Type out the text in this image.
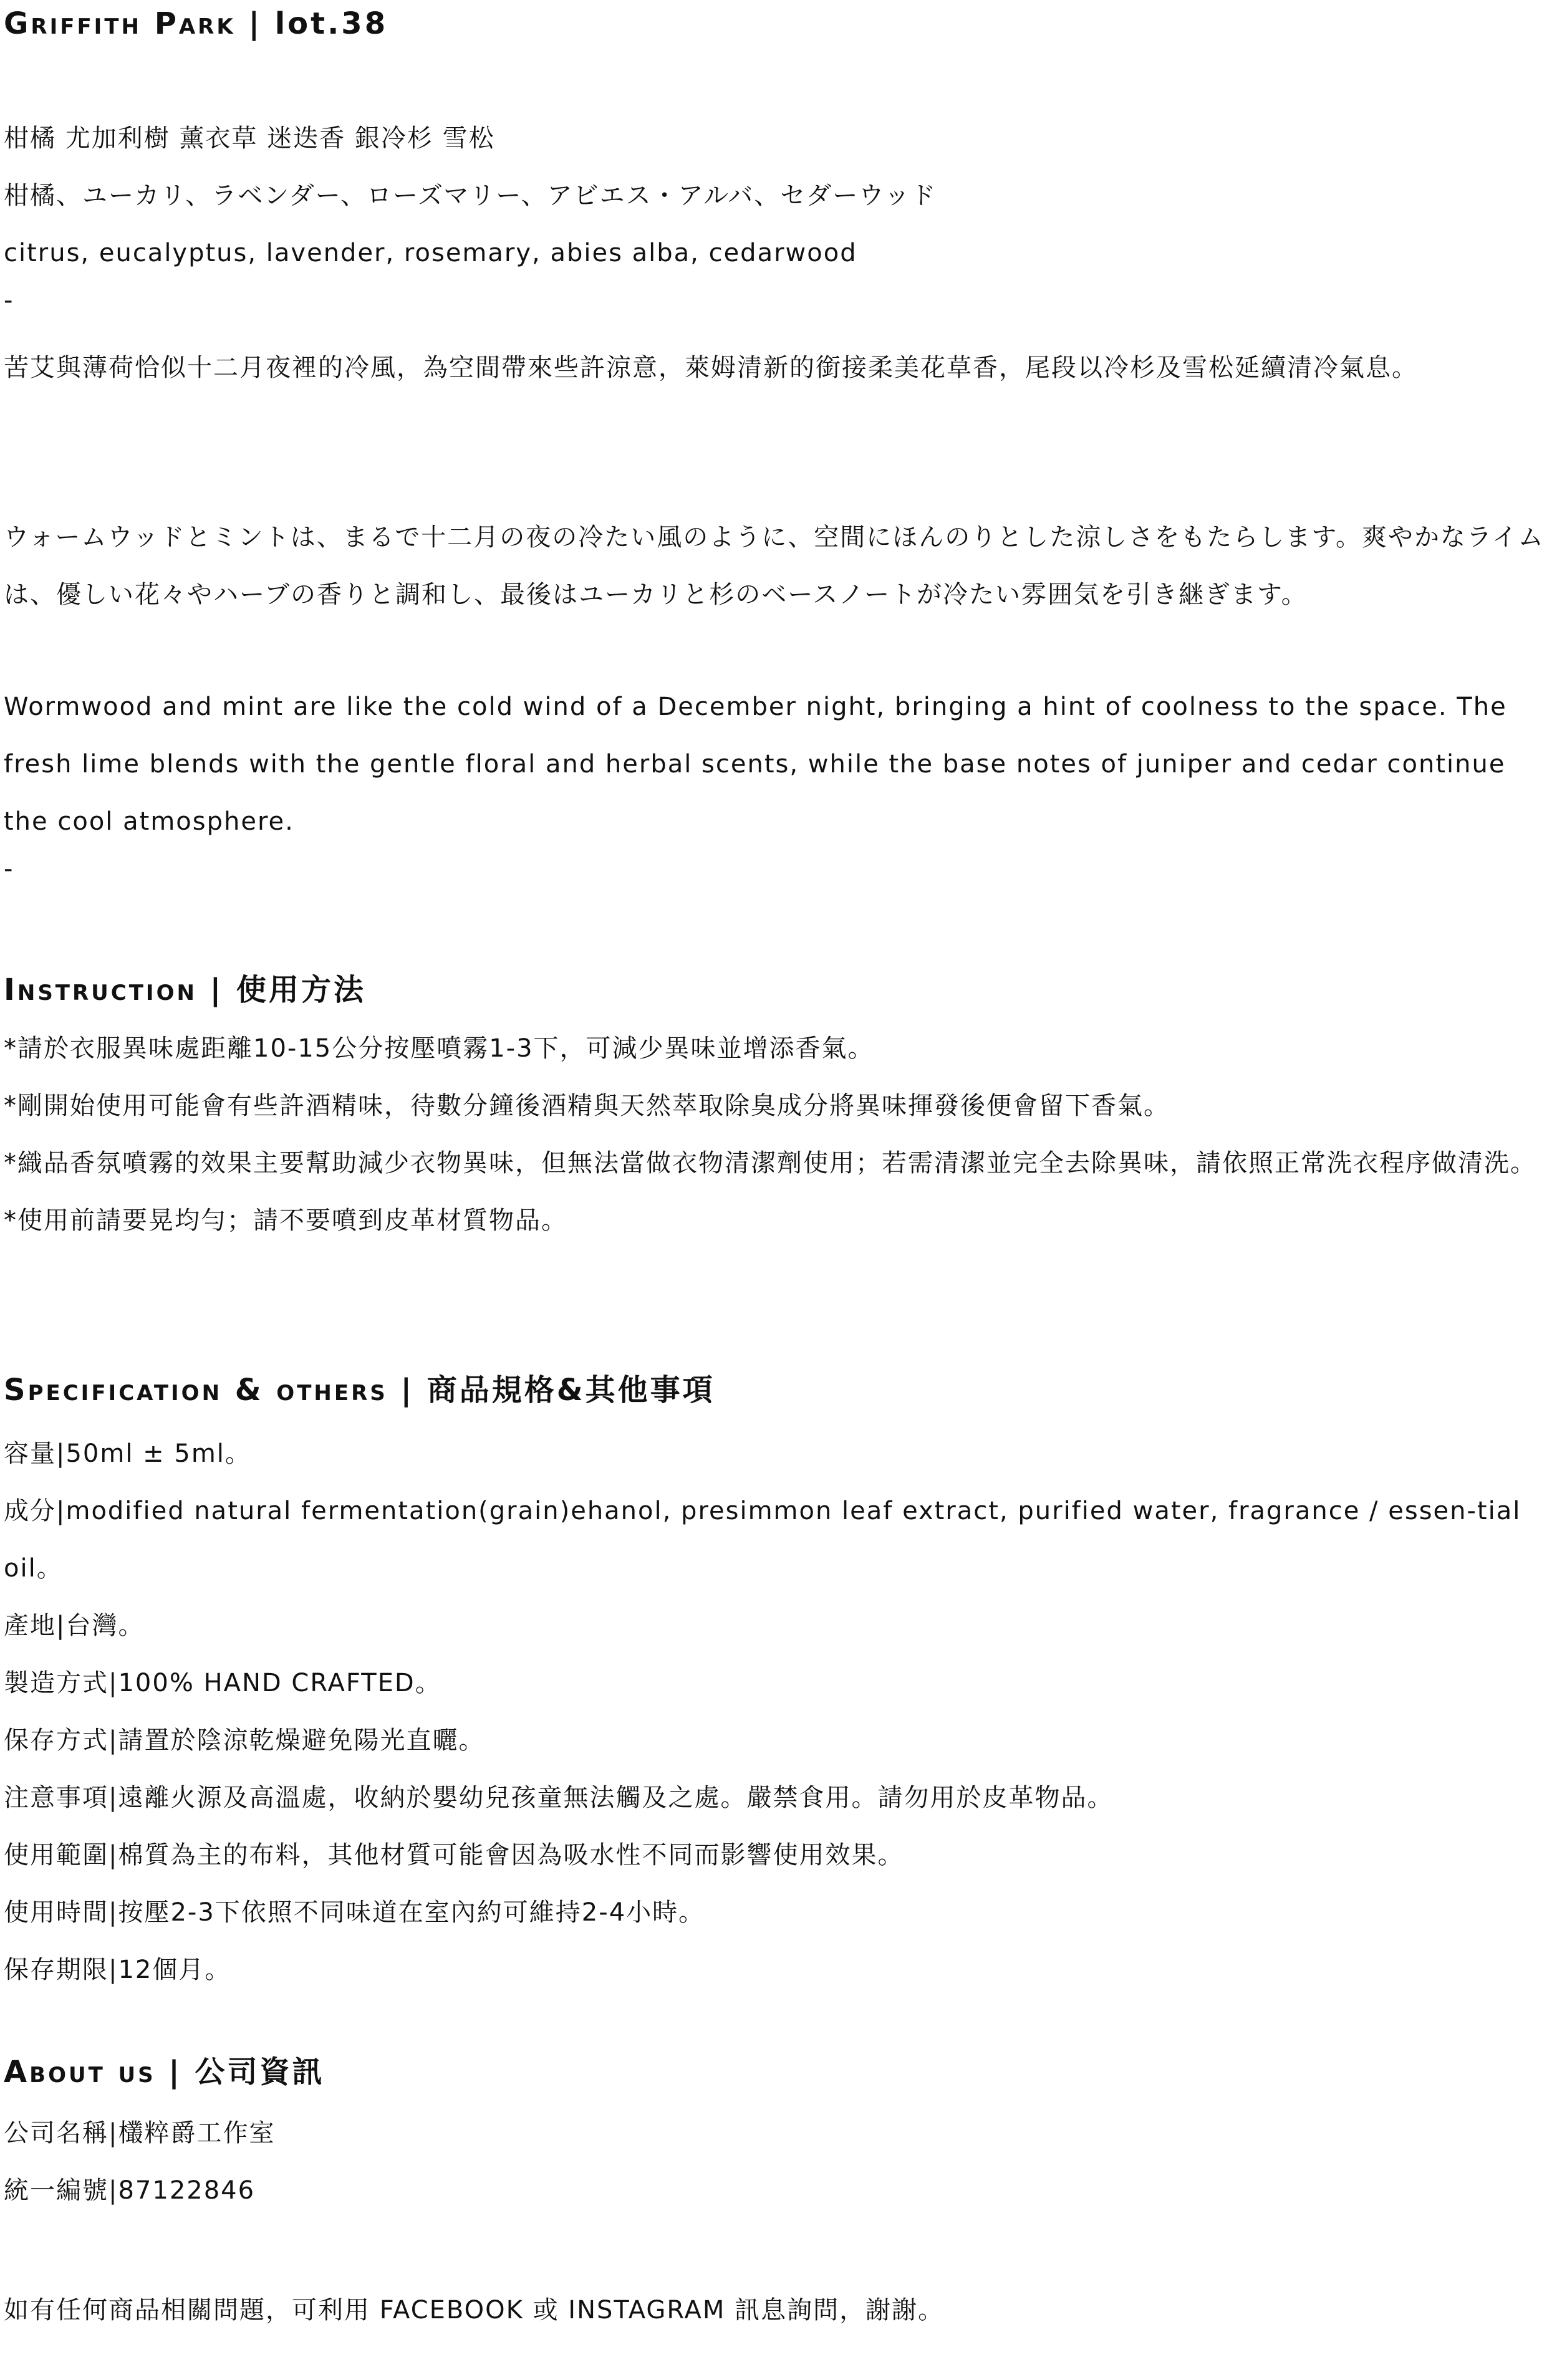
Griffith Park | lot.38

柑橘 尤加利樹 薰衣草 迷迭香 銀冷杉 雪松

柑橘、ユーカリ、ラベンダー、ローズマリー、アビエス・アルバ、セダーウッド

citrus, eucalyptus, lavender, rosemary, abies alba, cedarwood

-

苦艾與薄荷恰似十二月夜裡的冷風，為空間帶來些許涼意，萊姆清新的銜接柔美花草香，尾段以冷杉及雪松延續清冷氣息。

ウォームウッドとミントは、まるで十二月の夜の冷たい風のように、空間にほんのりとした涼しさをもたらします。爽やかなライムは、優しい花々やハーブの香りと調和し、最後はユーカリと杉のベースノートが冷たい雰囲気を引き継ぎます。

Wormwood and mint are like the cold wind of a December night, bringing a hint of coolness to the space. The fresh lime blends with the gentle floral and herbal scents, while the base notes of juniper and cedar continue the cool atmosphere.

-

Instruction | 使用方法

*請於衣服異味處距離10-15公分按壓噴霧1-3下，可減少異味並增添香氣。

*剛開始使用可能會有些許酒精味，待數分鐘後酒精與天然萃取除臭成分將異味揮發後便會留下香氣。

*織品香氛噴霧的效果主要幫助減少衣物異味，但無法當做衣物清潔劑使用；若需清潔並完全去除異味，請依照正常洗衣程序做清洗。

*使用前請要晃均勻；請不要噴到皮革材質物品。

Specification & others | 商品規格&其他事項

容量|50ml ± 5ml。

成分|modified natural fermentation(grain)ehanol, presimmon leaf extract, purified water, fragrance / essen-tial oil。

產地|台灣。

製造方式|100% HAND CRAFTED。

保存方式|請置於陰涼乾燥避免陽光直曬。

注意事項|遠離火源及高溫處，收納於嬰幼兒孩童無法觸及之處。嚴禁食用。請勿用於皮革物品。

使用範圍|棉質為主的布料，其他材質可能會因為吸水性不同而影響使用效果。

使用時間|按壓2-3下依照不同味道在室內約可維持2-4小時。

保存期限|12個月。

About us | 公司資訊

公司名稱|欉粹爵工作室

統一編號|87122846

如有任何商品相關問題，可利用 FACEBOOK 或 INSTAGRAM 訊息詢問，謝謝。
